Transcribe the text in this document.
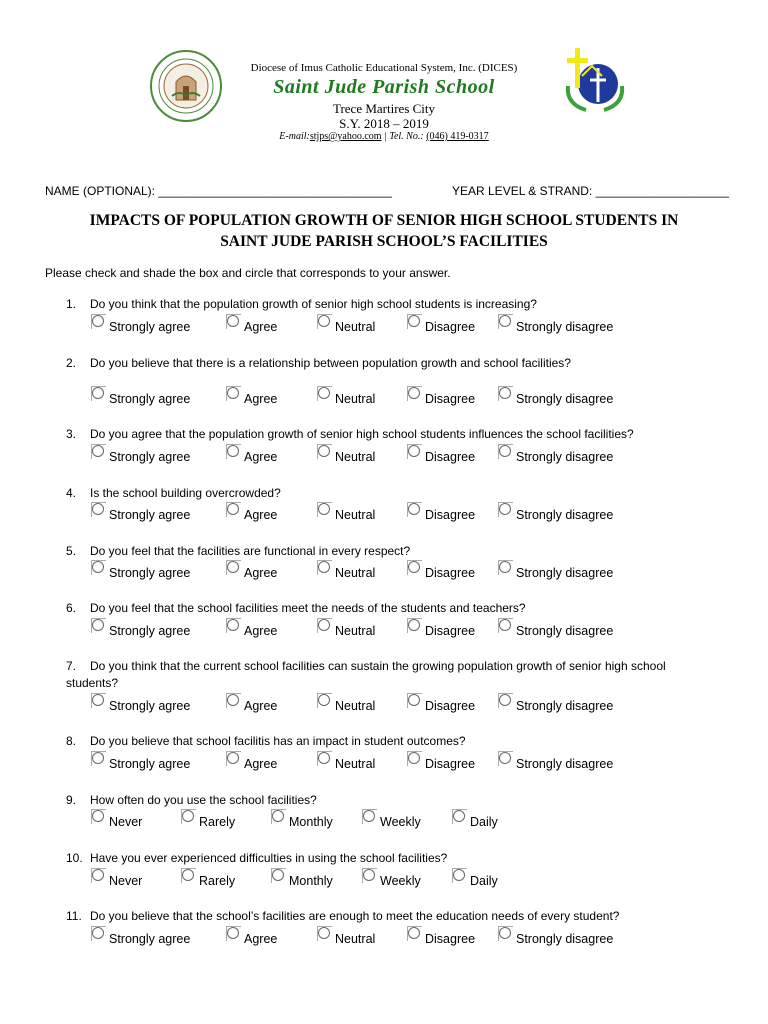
Diocese of Imus Catholic Educational System, Inc. (DICES)
Saint Jude Parish School
Trece Martires City
S.Y. 2018 – 2019
E-mail:stjps@yahoo.com | Tel. No.: (046) 419-0317
NAME (OPTIONAL): ___________________________________	YEAR LEVEL & STRAND: ____________________
IMPACTS OF POPULATION GROWTH OF SENIOR HIGH SCHOOL STUDENTS IN
SAINT JUDE PARISH SCHOOL’S FACILITIES
Please check and shade the box and circle that corresponds to your answer.
1. Do you think that the population growth of senior high school students is increasing?
Strongly agree	Agree	Neutral	Disagree	Strongly disagree
2. Do you believe that there is a relationship between population growth and school facilities?
Strongly agree	Agree	Neutral	Disagree	Strongly disagree
3. Do you agree that the population growth of senior high school students influences the school facilities?
Strongly agree	Agree	Neutral	Disagree	Strongly disagree
4. Is the school building overcrowded?
Strongly agree	Agree	Neutral	Disagree	Strongly disagree
5. Do you feel that the facilities are functional in every respect?
Strongly agree	Agree	Neutral	Disagree	Strongly disagree
6. Do you feel that the school facilities meet the needs of the students and teachers?
Strongly agree	Agree	Neutral	Disagree	Strongly disagree
7. Do you think that the current school facilities can sustain the growing population growth of senior high school students?
Strongly agree	Agree	Neutral	Disagree	Strongly disagree
8. Do you believe that school facilitis has an impact in student outcomes?
Strongly agree	Agree	Neutral	Disagree	Strongly disagree
9. How often do you use the school facilities?
Never	Rarely	Monthly	Weekly	Daily
10. Have you ever experienced difficulties in using the school facilities?
Never	Rarely	Monthly	Weekly	Daily
11. Do you believe that the school’s facilities are enough to meet the education needs of every student?
Strongly agree	Agree	Neutral	Disagree	Strongly disagree
